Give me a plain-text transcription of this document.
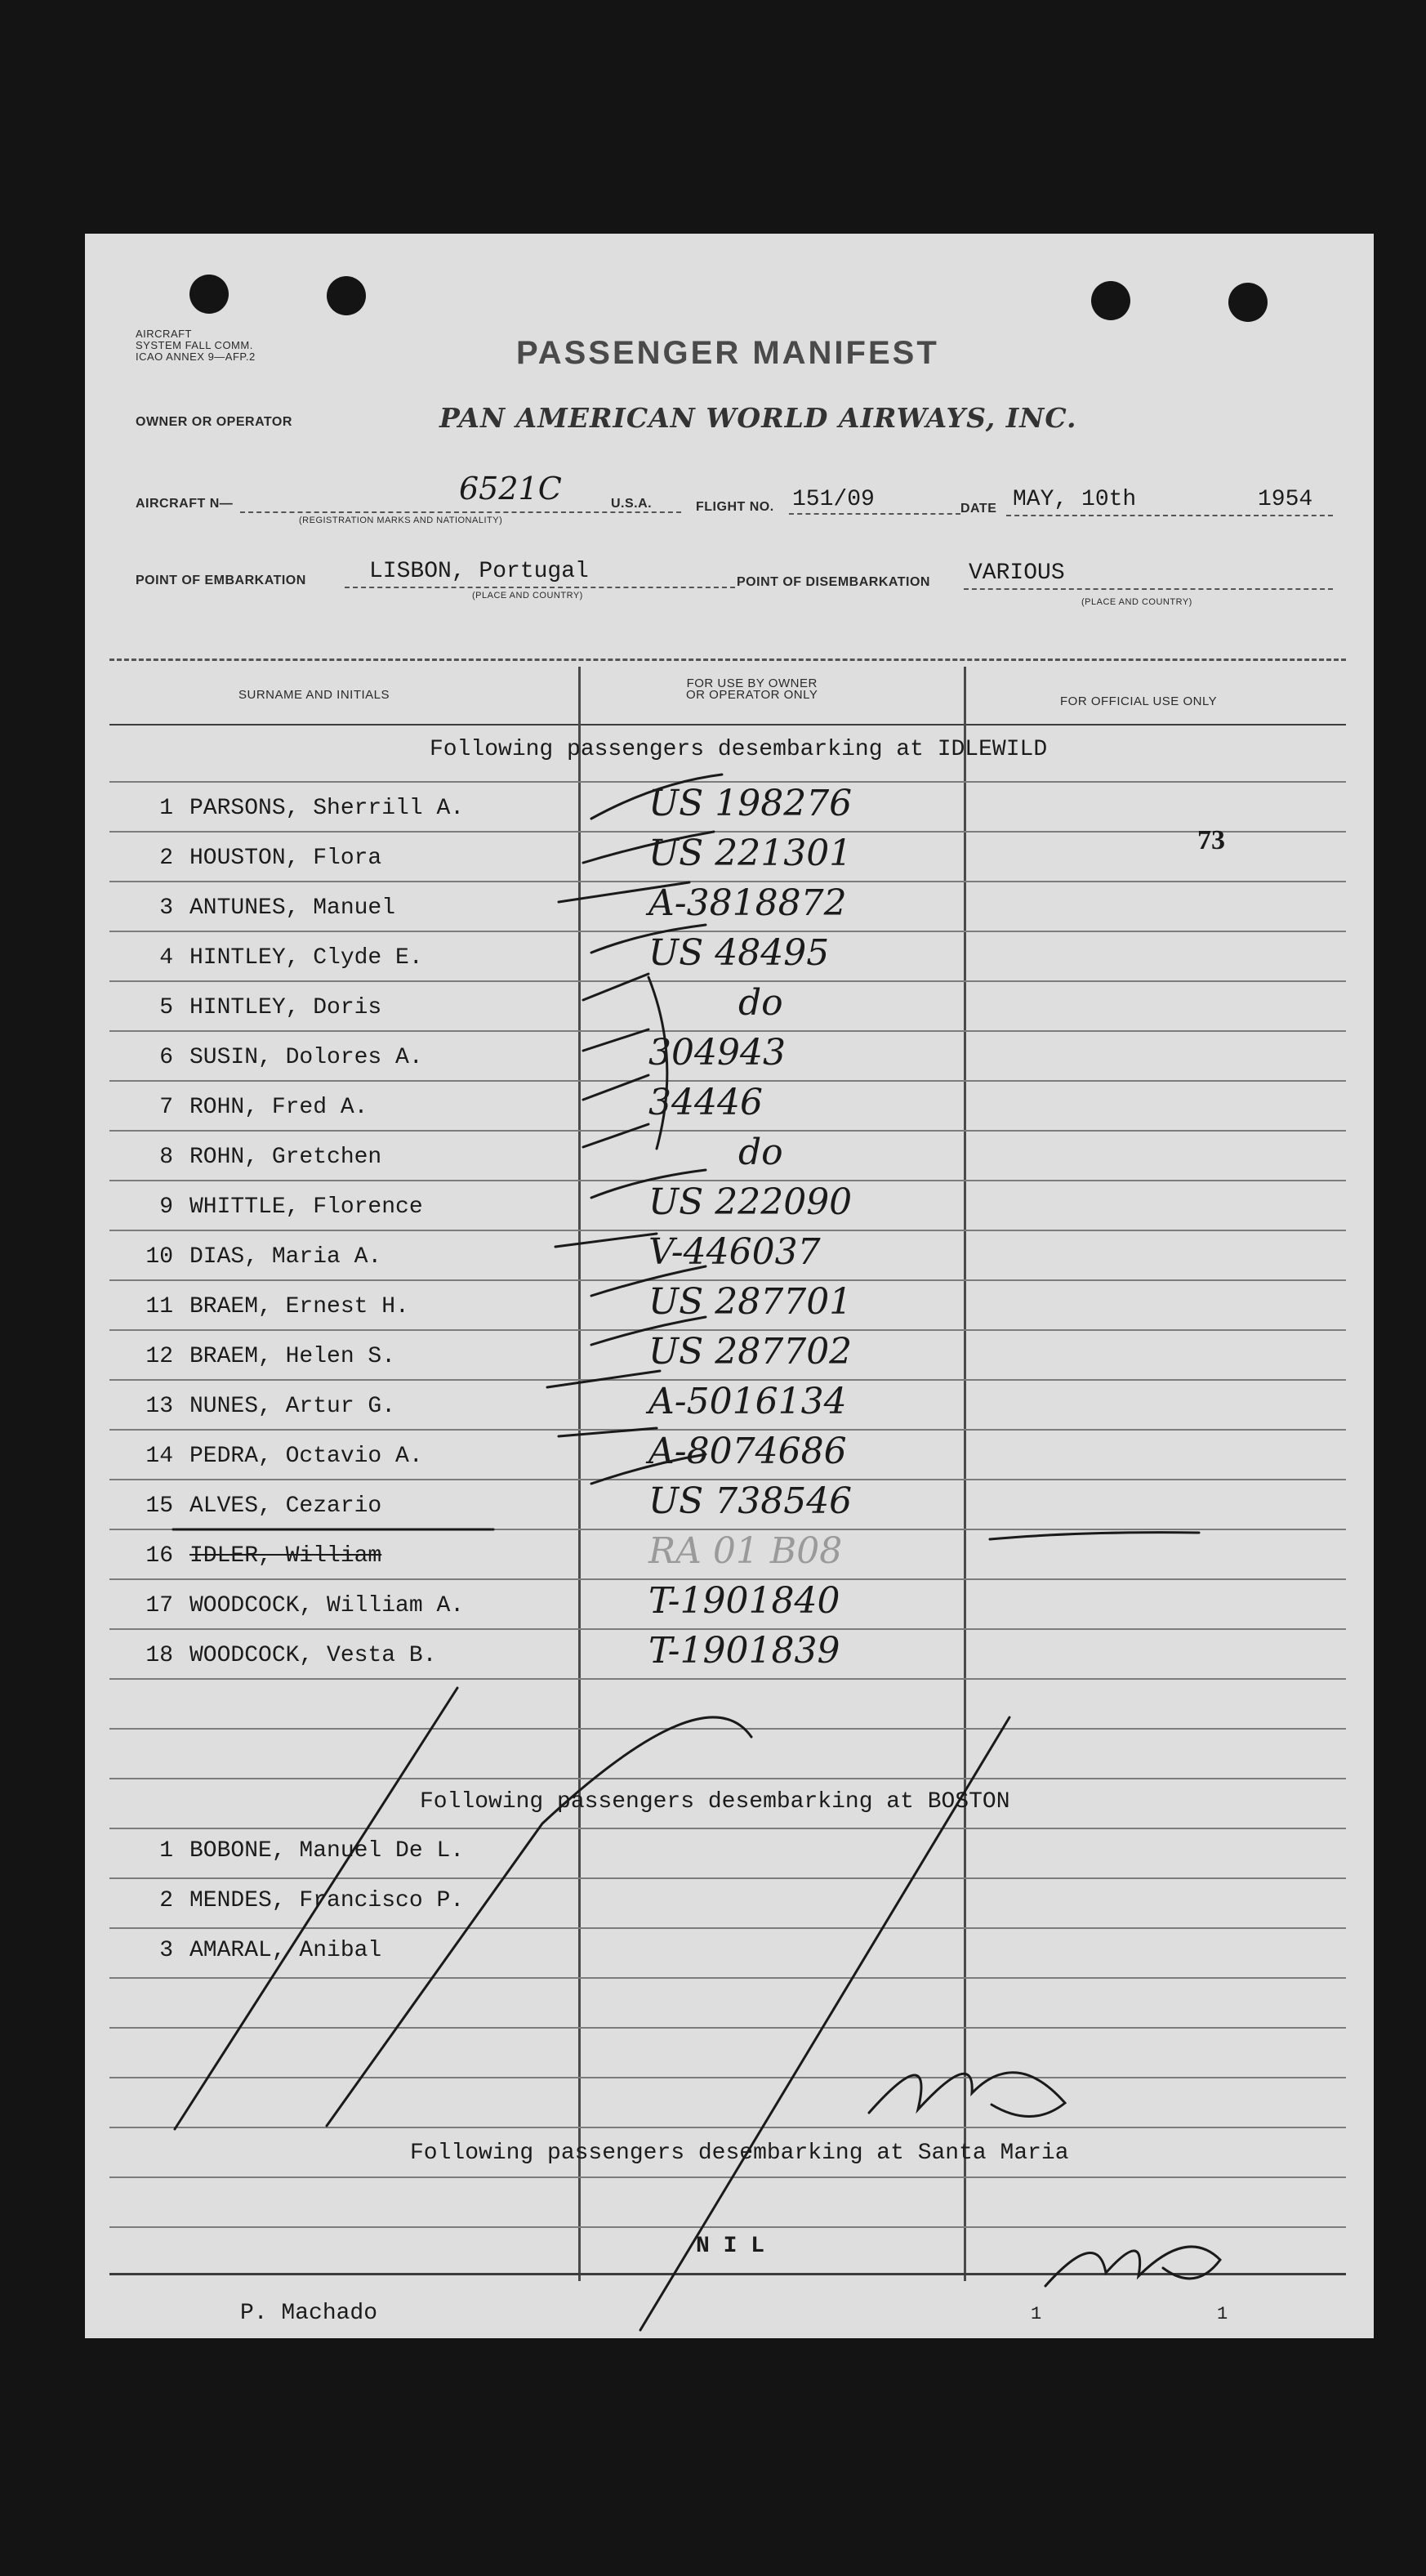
AIRCRAFT
SYSTEM FALL COMM.
ICAO ANNEX 9—AFP.2	PASSENGER MANIFEST
OWNER OR OPERATOR	PAN AMERICAN WORLD AIRWAYS, INC.
AIRCRAFT N—	6521C
(REGISTRATION MARKS AND NATIONALITY)
U.S.A.	FLIGHT NO. 151/09	DATE MAY, 10th	1954
POINT OF EMBARKATION	LISBON, Portugal
(PLACE AND COUNTRY)
POINT OF DISEMBARKATION VARIOUS
(PLACE AND COUNTRY)
SURNAME AND INITIALS
FOR USE BY OWNER
OR OPERATOR ONLY	FOR OFFICIAL USE ONLY
1 PARSONS, Sherrill A.	US 198276
2 HOUSTON, Flora	US 221301
3 ANTUNES, Manuel	A-3818872
4 HINTLEY, Clyde E.	US 48495
5 HINTLEY, Doris	do
6 SUSIN, Dolores A.	304943
7 ROHN, Fred A.	34446
8 ROHN, Gretchen	do
9 WHITTLE, Florence	US 222090
10 DIAS, Maria A.	V-446037
11 BRAEM, Ernest H.	US 287701
12 BRAEM, Helen S.	US 287702
13 NUNES, Artur G.	A-5016134
14 PEDRA, Octavio A.	A-8074686
15 ALVES, Cezario	US 738546
16 IDLER, William	RA 01 B08
17 WOODCOCK, William A.	T-1901840
18 WOODCOCK, Vesta B.	T-1901839
1 BOBONE, Manuel De L.
2 MENDES, Francisco P.
3 AMARAL, Anibal
73
Following passengers desembarking at IDLEWILD
Following passengers desembarking at BOSTON
Following passengers desembarking at Santa Maria
N I L
P. Machado	1	1
